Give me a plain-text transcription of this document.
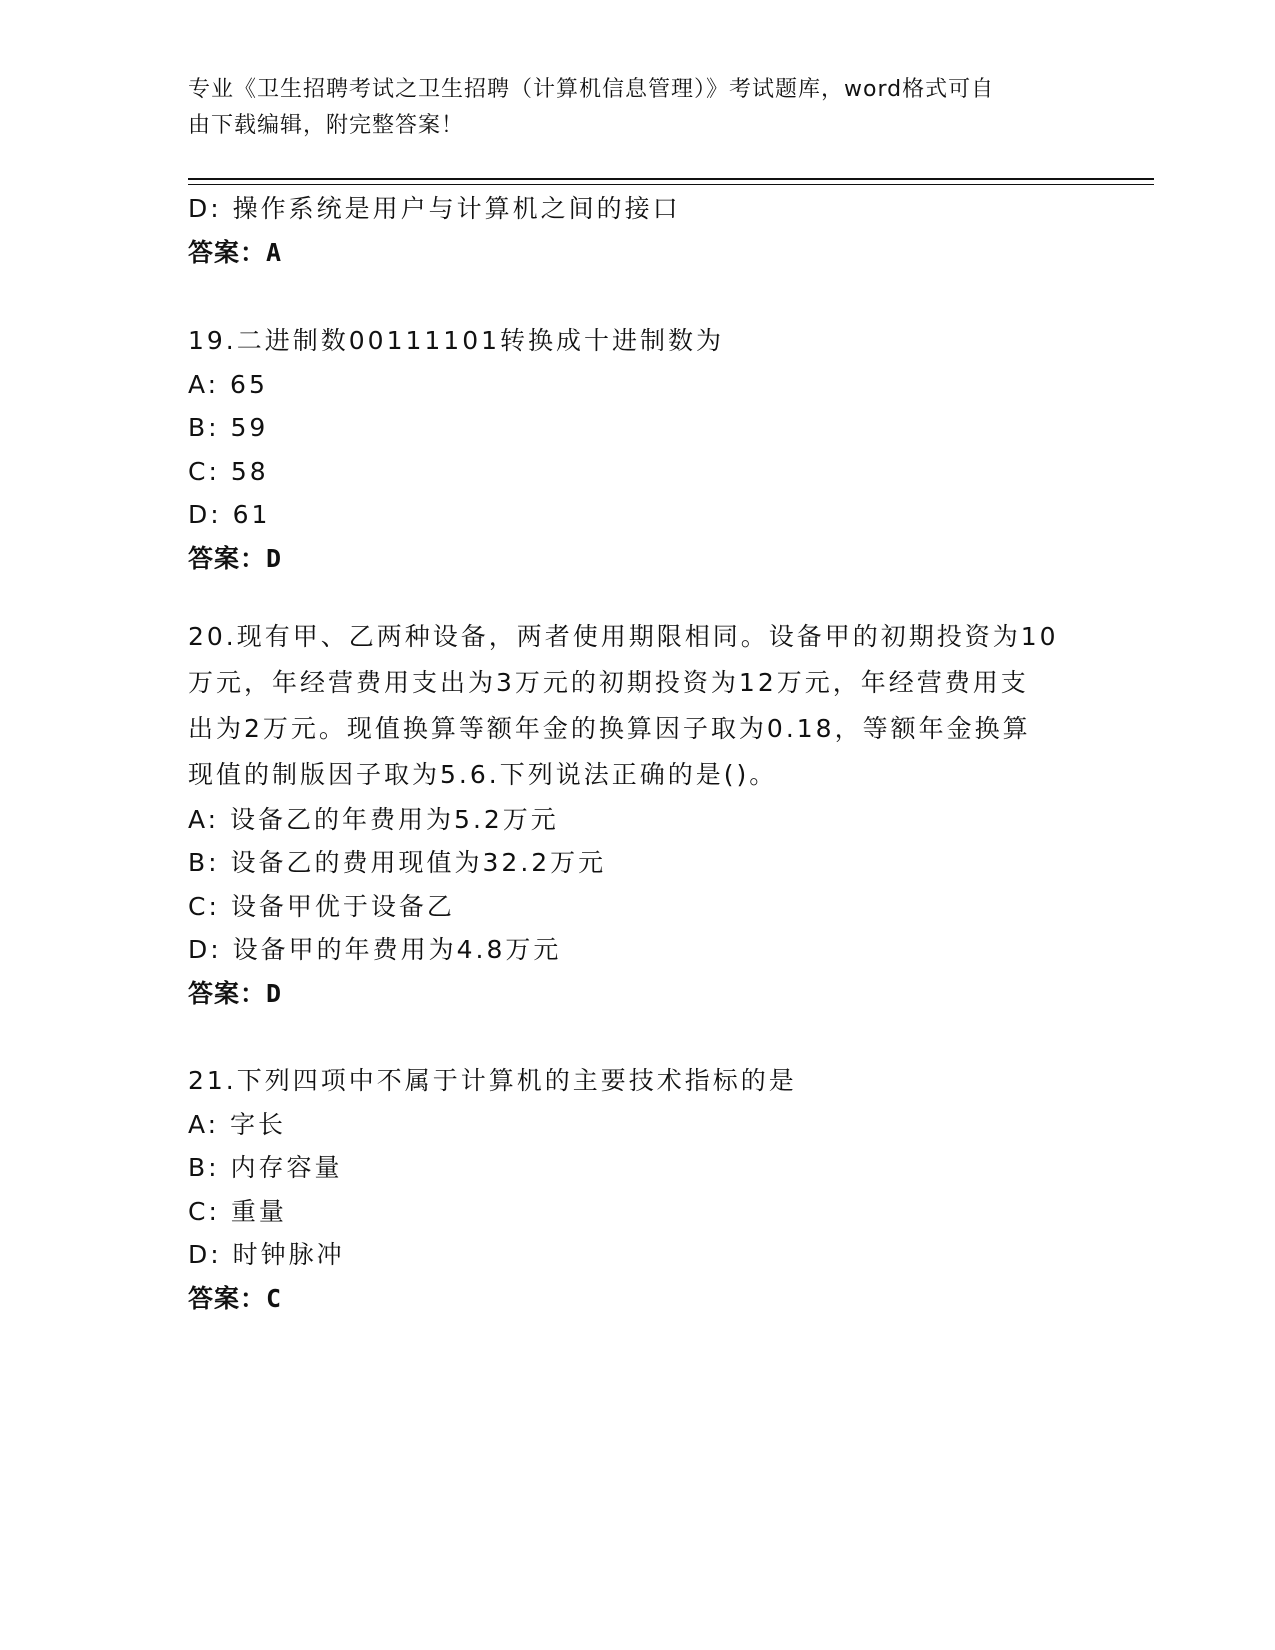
专业《卫生招聘考试之卫生招聘（计算机信息管理）》考试题库，word格式可自
由下载编辑，附完整答案！
D: 操作系统是用户与计算机之间的接口
答案：A
19.二进制数00111101转换成十进制数为
A: 65
B: 59
C: 58
D: 61
答案：D
20.现有甲、乙两种设备，两者使用期限相同。设备甲的初期投资为10
万元，年经营费用支出为3万元的初期投资为12万元，年经营费用支
出为2万元。现值换算等额年金的换算因子取为0.18，等额年金换算
现值的制版因子取为5.6.下列说法正确的是()。
A: 设备乙的年费用为5.2万元
B: 设备乙的费用现值为32.2万元
C: 设备甲优于设备乙
D: 设备甲的年费用为4.8万元
答案：D
21.下列四项中不属于计算机的主要技术指标的是
A: 字长
B: 内存容量
C: 重量
D: 时钟脉冲
答案：C
